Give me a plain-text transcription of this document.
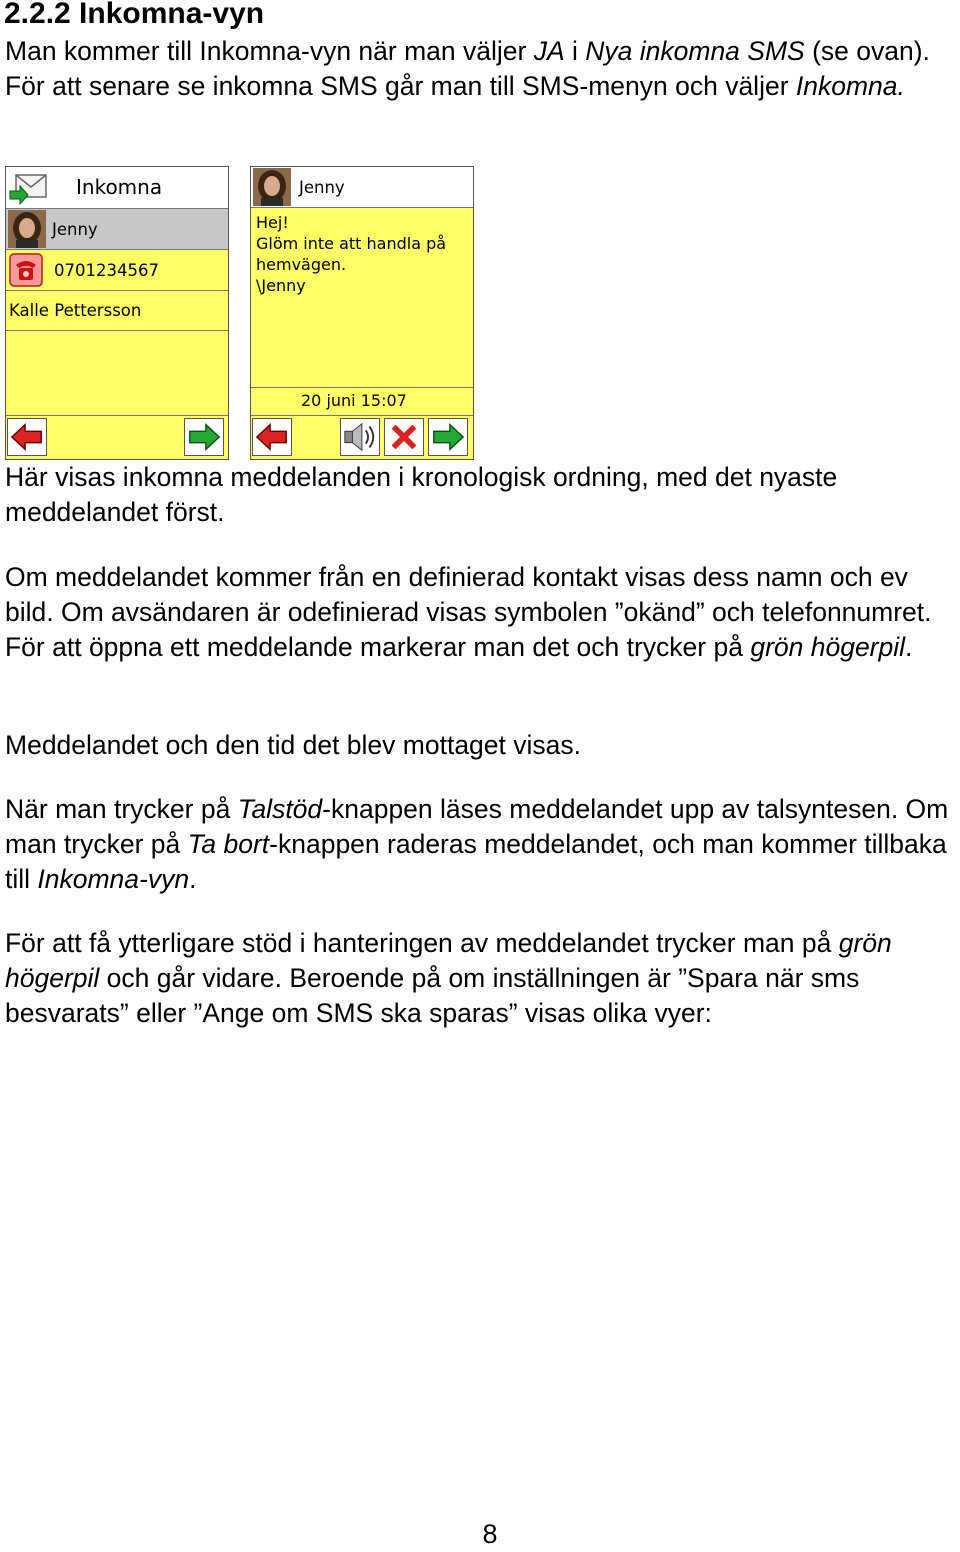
2.2.2 Inkomna-vyn

Man kommer till Inkomna-vyn när man väljer JA i Nya inkomna SMS (se ovan). För att senare se inkomna SMS går man till SMS-menyn och väljer Inkomna.

Inkomna
Jenny
0701234567
Kalle Pettersson
Jenny
Hej!
Glöm inte att handla på
hemvägen.
\Jenny
20 juni 15:07

Här visas inkomna meddelanden i kronologisk ordning, med det nyaste meddelandet först.

Om meddelandet kommer från en definierad kontakt visas dess namn och ev bild. Om avsändaren är odefinierad visas symbolen ”okänd” och telefonnumret. För att öppna ett meddelande markerar man det och trycker på grön högerpil.

Meddelandet och den tid det blev mottaget visas.

När man trycker på Talstöd-knappen läses meddelandet upp av talsyntesen. Om man trycker på Ta bort-knappen raderas meddelandet, och man kommer tillbaka till Inkomna-vyn.

För att få ytterligare stöd i hanteringen av meddelandet trycker man på grön högerpil och går vidare. Beroende på om inställningen är ”Spara när sms besvarats” eller ”Ange om SMS ska sparas” visas olika vyer:

8
